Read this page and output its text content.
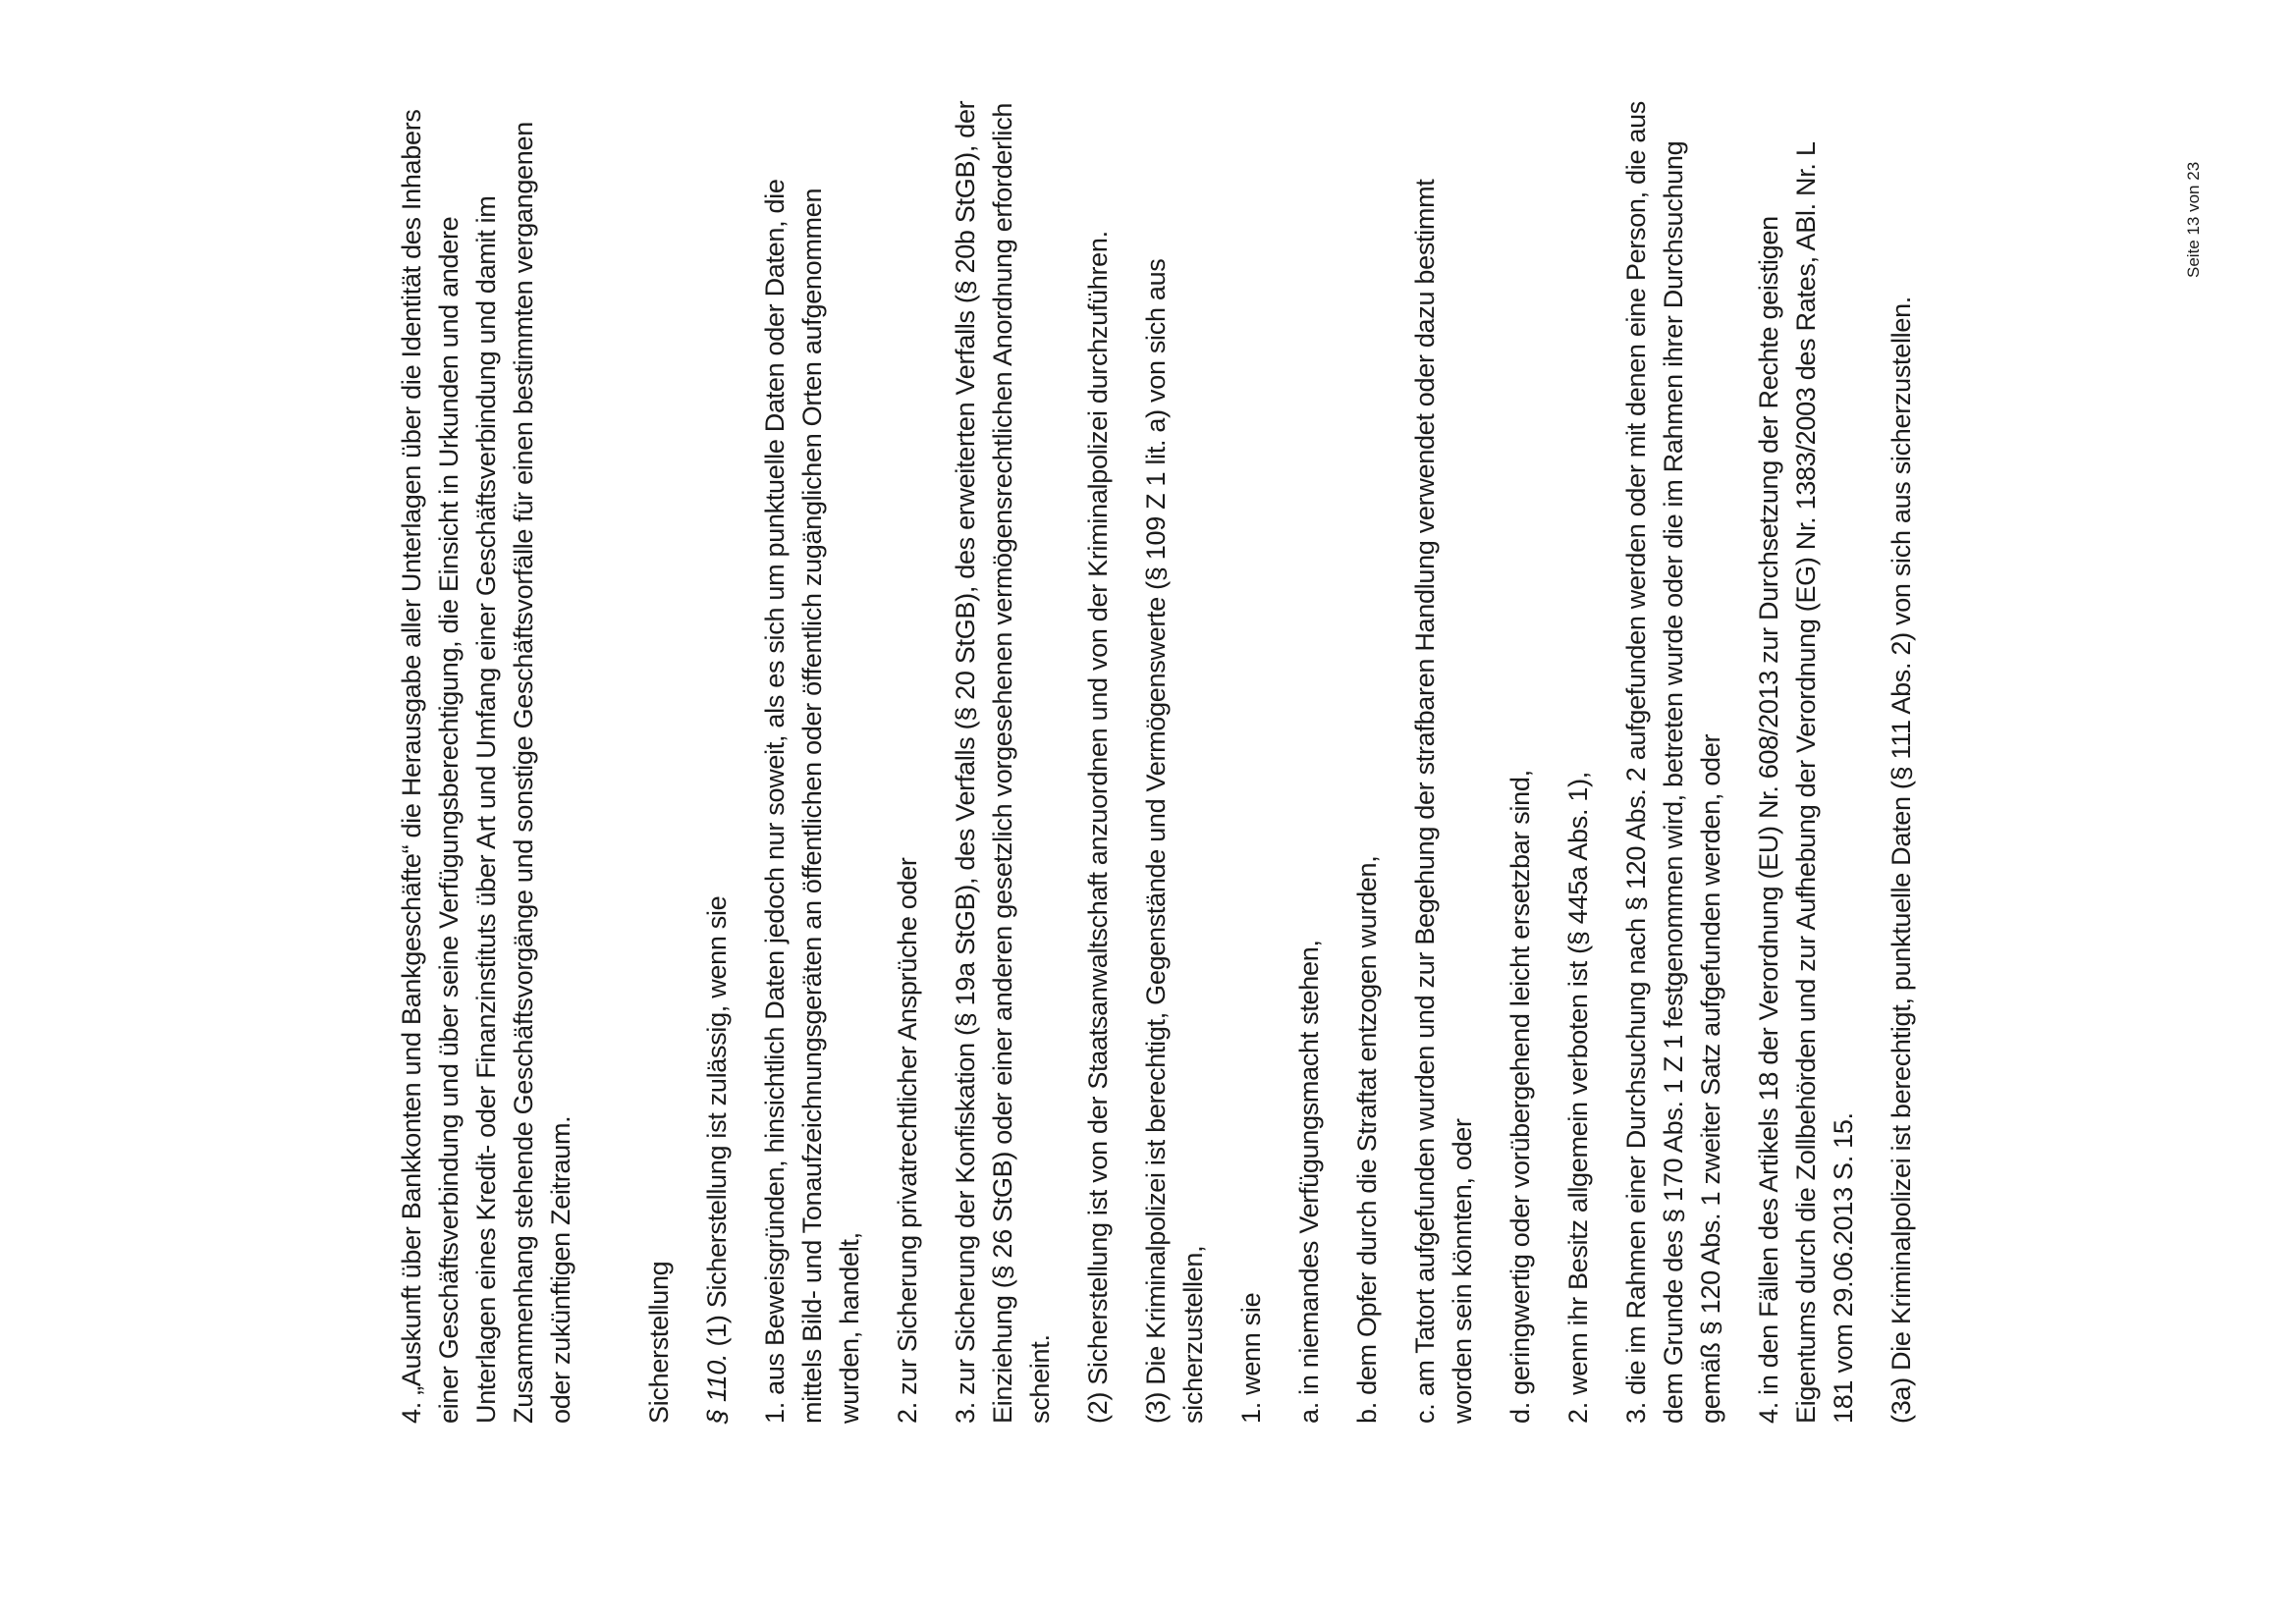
4. „Auskunft über Bankkonten und Bankgeschäfte“ die Herausgabe aller Unterlagen über die Identität des Inhabers einer Geschäftsverbindung und über seine Verfügungsberechtigung, die Einsicht in Urkunden und andere Unterlagen eines Kredit- oder Finanzinstituts über Art und Umfang einer Geschäftsverbindung und damit im Zusammenhang stehende Geschäftsvorgänge und sonstige Geschäftsvorfälle für einen bestimmten vergangenen oder zukünftigen Zeitraum.	Sicherstellung § 110. (1) Sicherstellung ist zulässig, wenn sie 1. aus Beweisgründen, hinsichtlich Daten jedoch nur soweit, als es sich um punktuelle Daten oder Daten, die mittels Bild- und Tonaufzeichnungsgeräten an öffentlichen oder öffentlich zugänglichen Orten aufgenommen wurden, handelt, 2. zur Sicherung privatrechtlicher Ansprüche oder 3. zur Sicherung der Konfiskation (§ 19a StGB), des Verfalls (§ 20 StGB), des erweiterten Verfalls (§ 20b StGB), der Einziehung (§ 26 StGB) oder einer anderen gesetzlich vorgesehenen vermögensrechtlichen Anordnung erforderlich scheint. (2) Sicherstellung ist von der Staatsanwaltschaft anzuordnen und von der Kriminalpolizei durchzuführen. (3) Die Kriminalpolizei ist berechtigt, Gegenstände und Vermögenswerte (§ 109 Z 1 lit. a) von sich aus sicherzustellen, 1. wenn sie a. in niemandes Verfügungsmacht stehen, b. dem Opfer durch die Straftat entzogen wurden, c. am Tatort aufgefunden wurden und zur Begehung der strafbaren Handlung verwendet oder dazu bestimmt worden sein könnten, oder d. geringwertig oder vorübergehend leicht ersetzbar sind, 2. wenn ihr Besitz allgemein verboten ist (§ 445a Abs. 1), 3. die im Rahmen einer Durchsuchung nach § 120 Abs. 2 aufgefunden werden oder mit denen eine Person, die aus dem Grunde des § 170 Abs. 1 Z 1 festgenommen wird, betreten wurde oder die im Rahmen ihrer Durchsuchung gemäß § 120 Abs. 1 zweiter Satz aufgefunden werden, oder 4. in den Fällen des Artikels 18 der Verordnung (EU) Nr. 608/2013 zur Durchsetzung der Rechte geistigen Eigentums durch die Zollbehörden und zur Aufhebung der Verordnung (EG) Nr. 1383/2003 des Rates, ABl. Nr. L 181 vom 29.06.2013 S. 15. (3a) Die Kriminalpolizei ist berechtigt, punktuelle Daten (§ 111 Abs. 2) von sich aus sicherzustellen.

Seite 13 von 23
